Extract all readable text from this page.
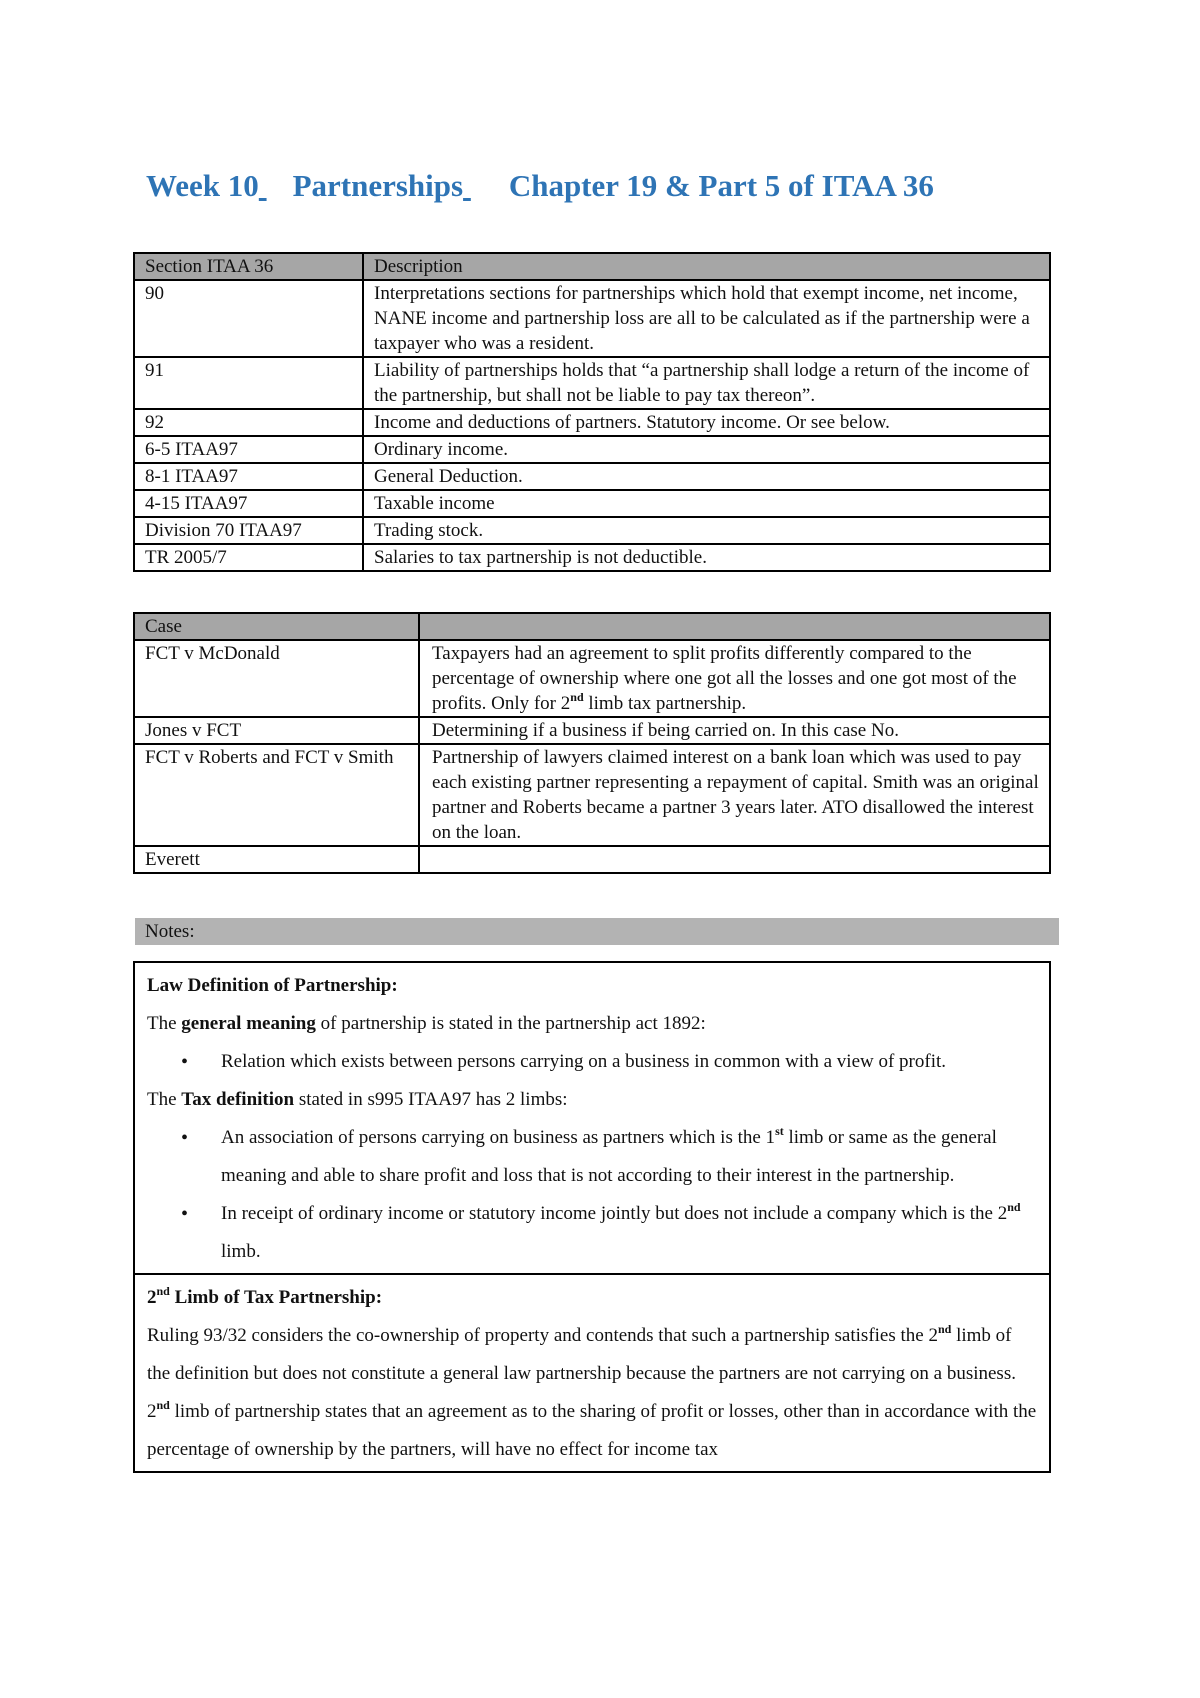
Week 10 Partnerships Chapter 19 & Part 5 of ITAA 36
Section ITAA 36	Description
90	Interpretations sections for partnerships which hold that exempt income, net income, NANE income and partnership loss are all to be calculated as if the partnership were a taxpayer who was a resident.
91	Liability of partnerships holds that “a partnership shall lodge a return of the income of the partnership, but shall not be liable to pay tax thereon”.
92	Income and deductions of partners. Statutory income. Or see below.
6-5 ITAA97	Ordinary income.
8-1 ITAA97	General Deduction.
4-15 ITAA97	Taxable income
Division 70 ITAA97	Trading stock.
TR 2005/7	Salaries to tax partnership is not deductible.
Case	
FCT v McDonald	Taxpayers had an agreement to split profits differently compared to the percentage of ownership where one got all the losses and one got most of the profits. Only for 2nd limb tax partnership.
Jones v FCT	Determining if a business if being carried on. In this case No.
FCT v Roberts and FCT v Smith	Partnership of lawyers claimed interest on a bank loan which was used to pay each existing partner representing a repayment of capital. Smith was an original partner and Roberts became a partner 3 years later. ATO disallowed the interest on the loan.
Everett	
Notes:

Law Definition of Partnership:

The general meaning of partnership is stated in the partnership act 1892:

• Relation which exists between persons carrying on a business in common with a view of profit.

The Tax definition stated in s995 ITAA97 has 2 limbs:

• An association of persons carrying on business as partners which is the 1st limb or same as the general meaning and able to share profit and loss that is not according to their interest in the partnership.
• In receipt of ordinary income or statutory income jointly but does not include a company which is the 2nd limb.

2nd Limb of Tax Partnership:

Ruling 93/32 considers the co-ownership of property and contends that such a partnership satisfies the 2nd limb of the definition but does not constitute a general law partnership because the partners are not carrying on a business.

2nd limb of partnership states that an agreement as to the sharing of profit or losses, other than in accordance with the percentage of ownership by the partners, will have no effect for income tax
